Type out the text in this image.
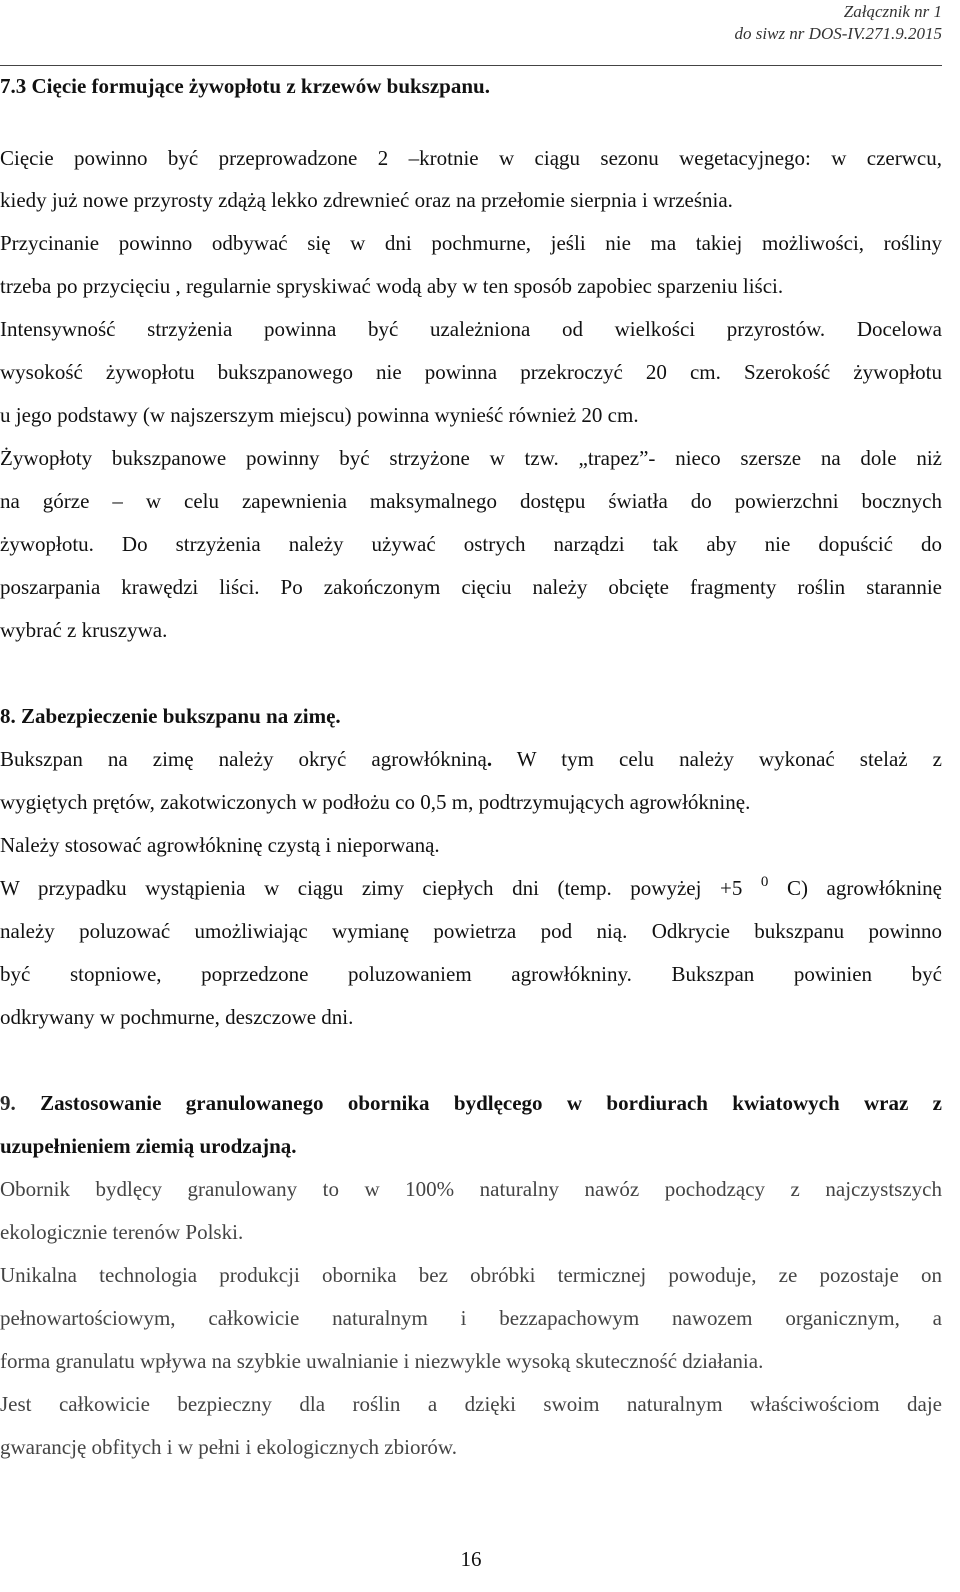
Załącznik nr 1
do siwz nr DOS-IV.271.9.2015
7.3 Cięcie formujące żywopłotu z krzewów bukszpanu.
Cięcie powinno być przeprowadzone 2 –krotnie w ciągu sezonu wegetacyjnego: w czerwcu,
kiedy już nowe przyrosty zdążą lekko zdrewnieć oraz na przełomie sierpnia i września.
Przycinanie powinno odbywać się w dni pochmurne, jeśli nie ma takiej możliwości, rośliny
trzeba po przycięciu , regularnie spryskiwać wodą aby w ten sposób zapobiec sparzeniu liści.
Intensywność strzyżenia powinna być uzależniona od wielkości przyrostów. Docelowa
wysokość żywopłotu bukszpanowego nie powinna przekroczyć 20 cm. Szerokość żywopłotu
u jego podstawy (w najszerszym miejscu) powinna wynieść również 20 cm.
Żywopłoty bukszpanowe powinny być strzyżone w tzw. „trapez”- nieco szersze na dole niż
na górze – w celu zapewnienia maksymalnego dostępu światła do powierzchni bocznych
żywopłotu. Do strzyżenia należy używać ostrych narządzi tak aby nie dopuścić do
poszarpania krawędzi liści. Po zakończonym cięciu należy obcięte fragmenty roślin starannie
wybrać z kruszywa.
8. Zabezpieczenie bukszpanu na zimę.
Bukszpan na zimę należy okryć agrowłókniną. W tym celu należy wykonać stelaż z
wygiętych prętów, zakotwiczonych w podłożu co 0,5 m, podtrzymujących agrowłókninę.
Należy stosować agrowłókninę czystą i nieporwaną.
W przypadku wystąpienia w ciągu zimy ciepłych dni (temp. powyżej +5 $^0$ C) agrowłókninę
należy poluzować umożliwiając wymianę powietrza pod nią. Odkrycie bukszpanu powinno
być stopniowe, poprzedzone poluzowaniem agrowłókniny. Bukszpan powinien być
odkrywany w pochmurne, deszczowe dni.
9. Zastosowanie granulowanego obornika bydlęcego w bordiurach kwiatowych wraz z
uzupełnieniem ziemią urodzajną.
Obornik bydlęcy granulowany to w 100% naturalny nawóz pochodzący z najczystszych
ekologicznie terenów Polski.
Unikalna technologia produkcji obornika bez obróbki termicznej powoduje, ze pozostaje on
pełnowartościowym, całkowicie naturalnym i bezzapachowym nawozem organicznym, a
forma granulatu wpływa na szybkie uwalnianie i niezwykle wysoką skuteczność działania.
Jest całkowicie bezpieczny dla roślin a dzięki swoim naturalnym właściwościom daje
gwarancję obfitych i w pełni i ekologicznych zbiorów.
16
